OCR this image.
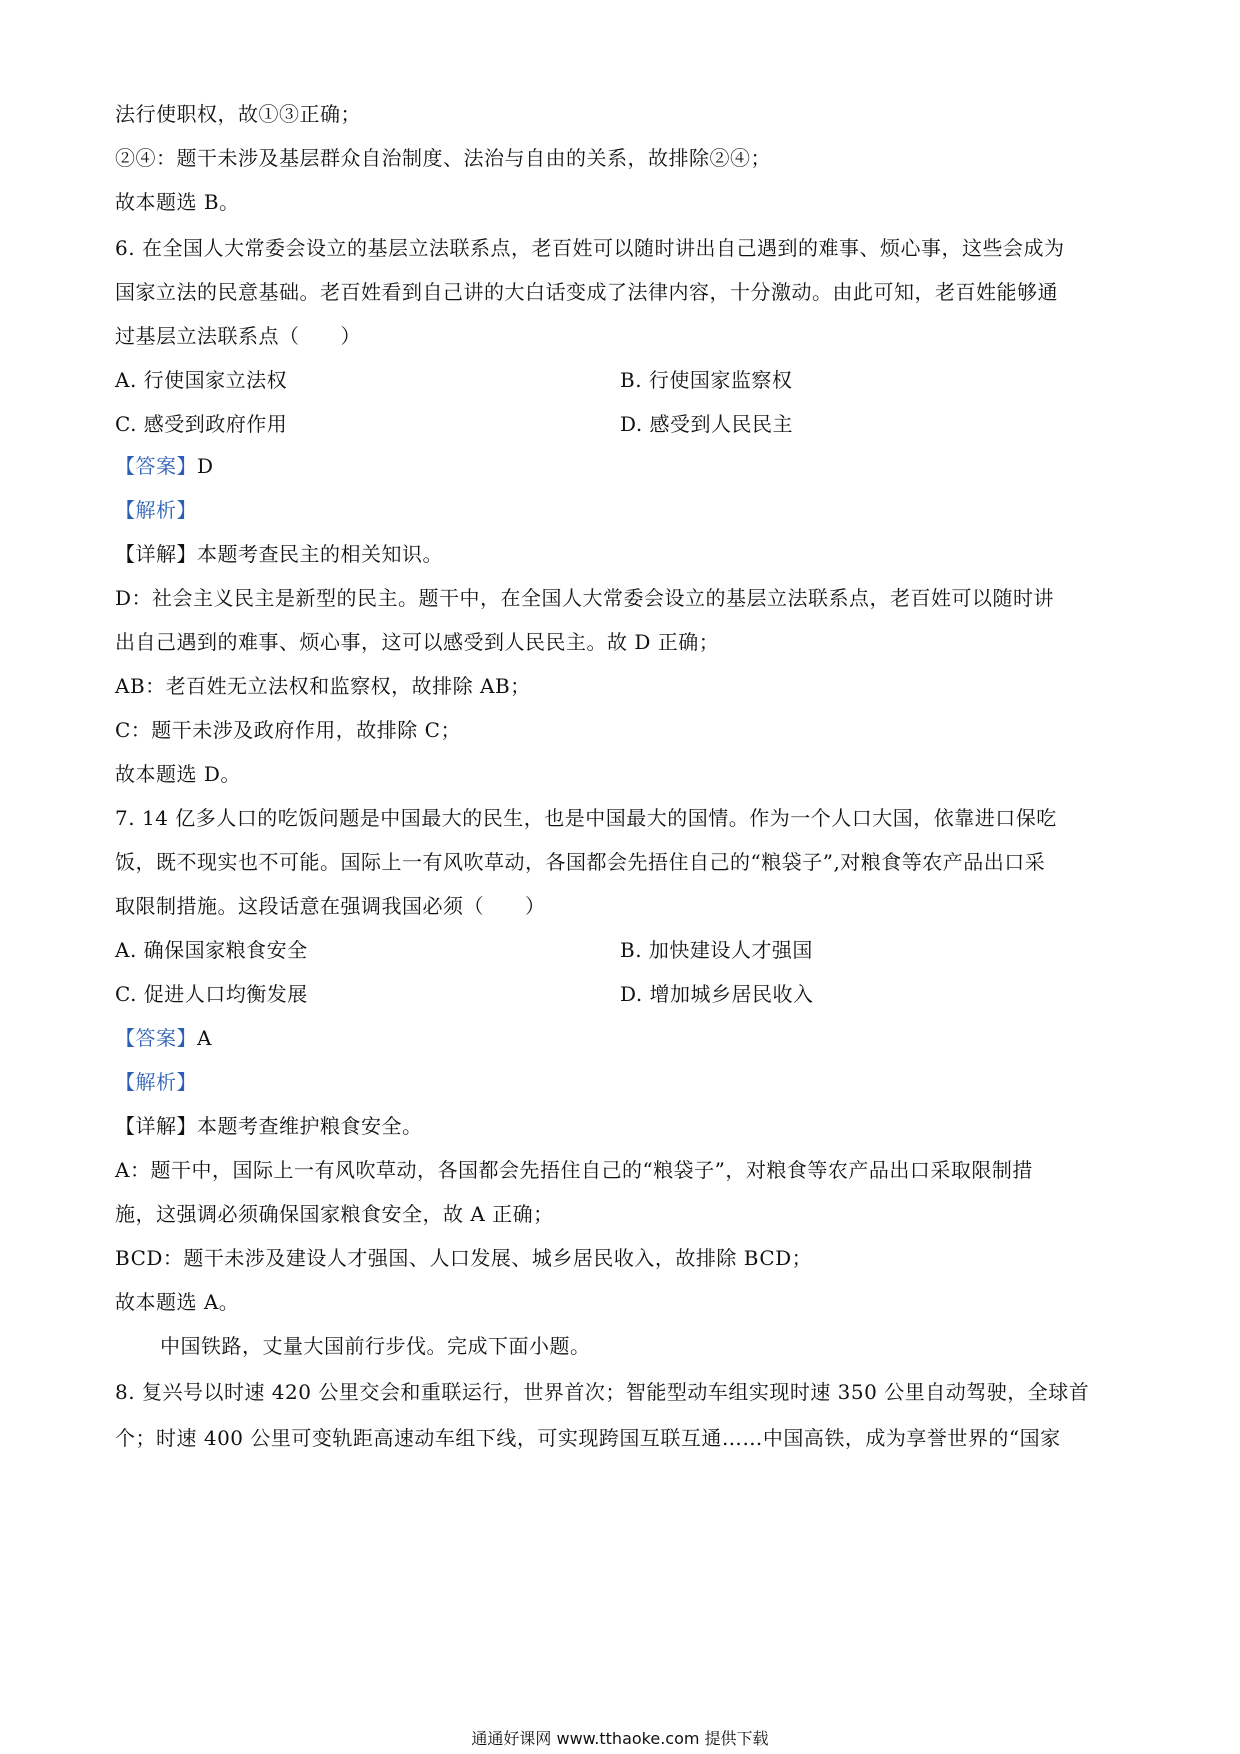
法行使职权，故①③正确；
②④：题干未涉及基层群众自治制度、法治与自由的关系，故排除②④；
故本题选 B。
6. 在全国人大常委会设立的基层立法联系点，老百姓可以随时讲出自己遇到的难事、烦心事，这些会成为
国家立法的民意基础。老百姓看到自己讲的大白话变成了法律内容，十分激动。由此可知，老百姓能够通
过基层立法联系点（　　）
A. 行使国家立法权	B. 行使国家监察权
C. 感受到政府作用	D. 感受到人民民主
【答案】D
【解析】
【详解】本题考查民主的相关知识。
D：社会主义民主是新型的民主。题干中，在全国人大常委会设立的基层立法联系点，老百姓可以随时讲
出自己遇到的难事、烦心事，这可以感受到人民民主。故 D 正确；
AB：老百姓无立法权和监察权，故排除 AB；
C：题干未涉及政府作用，故排除 C；
故本题选 D。
7. 14 亿多人口的吃饭问题是中国最大的民生，也是中国最大的国情。作为一个人口大国，依靠进口保吃
饭，既不现实也不可能。国际上一有风吹草动，各国都会先捂住自己的“粮袋子”,对粮食等农产品出口采
取限制措施。这段话意在强调我国必须（　　）
A. 确保国家粮食安全	B. 加快建设人才强国
C. 促进人口均衡发展	D. 增加城乡居民收入
【答案】A
【解析】
【详解】本题考查维护粮食安全。
A：题干中，国际上一有风吹草动，各国都会先捂住自己的“粮袋子”，对粮食等农产品出口采取限制措
施，这强调必须确保国家粮食安全，故 A 正确；
BCD：题干未涉及建设人才强国、人口发展、城乡居民收入，故排除 BCD；
故本题选 A。
中国铁路，丈量大国前行步伐。完成下面小题。
8. 复兴号以时速 420 公里交会和重联运行，世界首次；智能型动车组实现时速 350 公里自动驾驶，全球首
个；时速 400 公里可变轨距高速动车组下线，可实现跨国互联互通……中国高铁，成为享誉世界的“国家
通通好课网 www.tthaoke.com 提供下载
